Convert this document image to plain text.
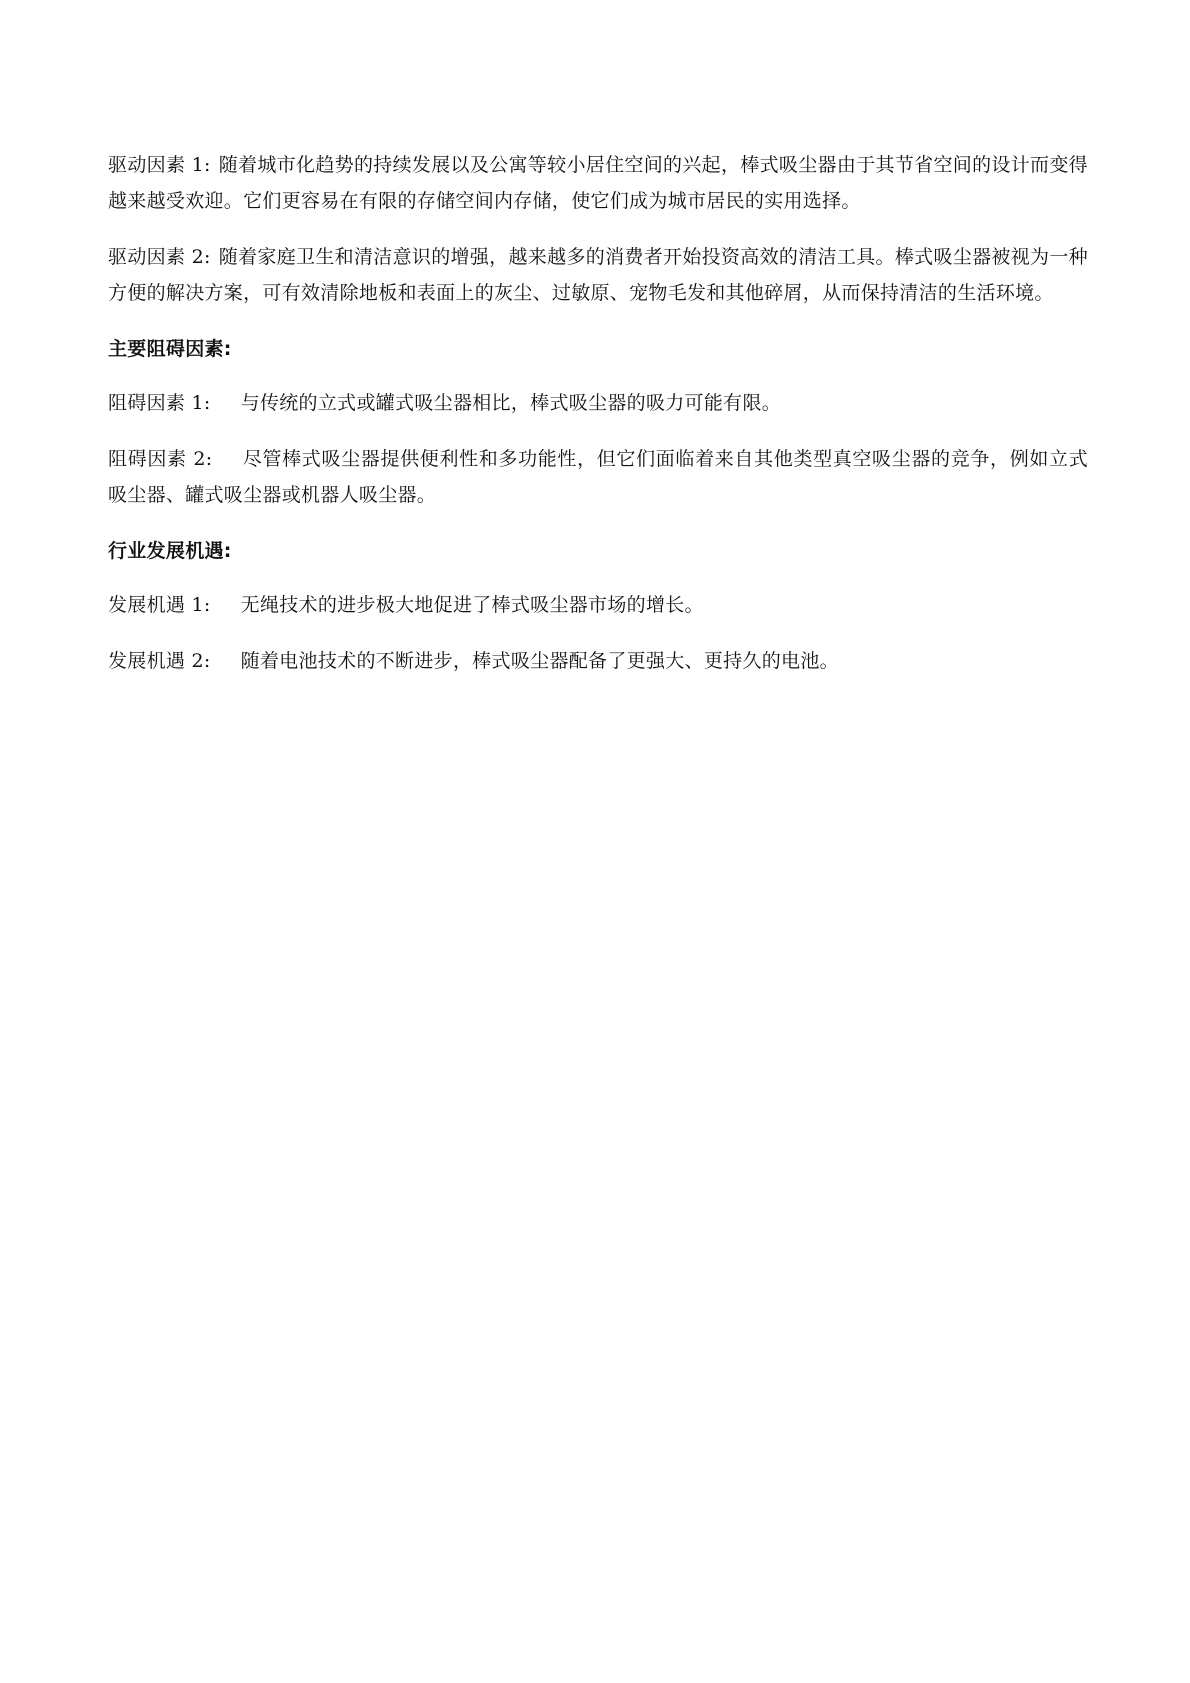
驱动因素 1: 随着城市化趋势的持续发展以及公寓等较小居住空间的兴起，棒式吸尘器由于其节省空间的设计而变得越来越受欢迎。它们更容易在有限的存储空间内存储，使它们成为城市居民的实用选择。

驱动因素 2: 随着家庭卫生和清洁意识的增强，越来越多的消费者开始投资高效的清洁工具。棒式吸尘器被视为一种方便的解决方案，可有效清除地板和表面上的灰尘、过敏原、宠物毛发和其他碎屑，从而保持清洁的生活环境。

主要阻碍因素:

阻碍因素 1: 与传统的立式或罐式吸尘器相比，棒式吸尘器的吸力可能有限。

阻碍因素 2: 尽管棒式吸尘器提供便利性和多功能性，但它们面临着来自其他类型真空吸尘器的竞争，例如立式吸尘器、罐式吸尘器或机器人吸尘器。

行业发展机遇:

发展机遇 1: 无绳技术的进步极大地促进了棒式吸尘器市场的增长。

发展机遇 2: 随着电池技术的不断进步，棒式吸尘器配备了更强大、更持久的电池。
